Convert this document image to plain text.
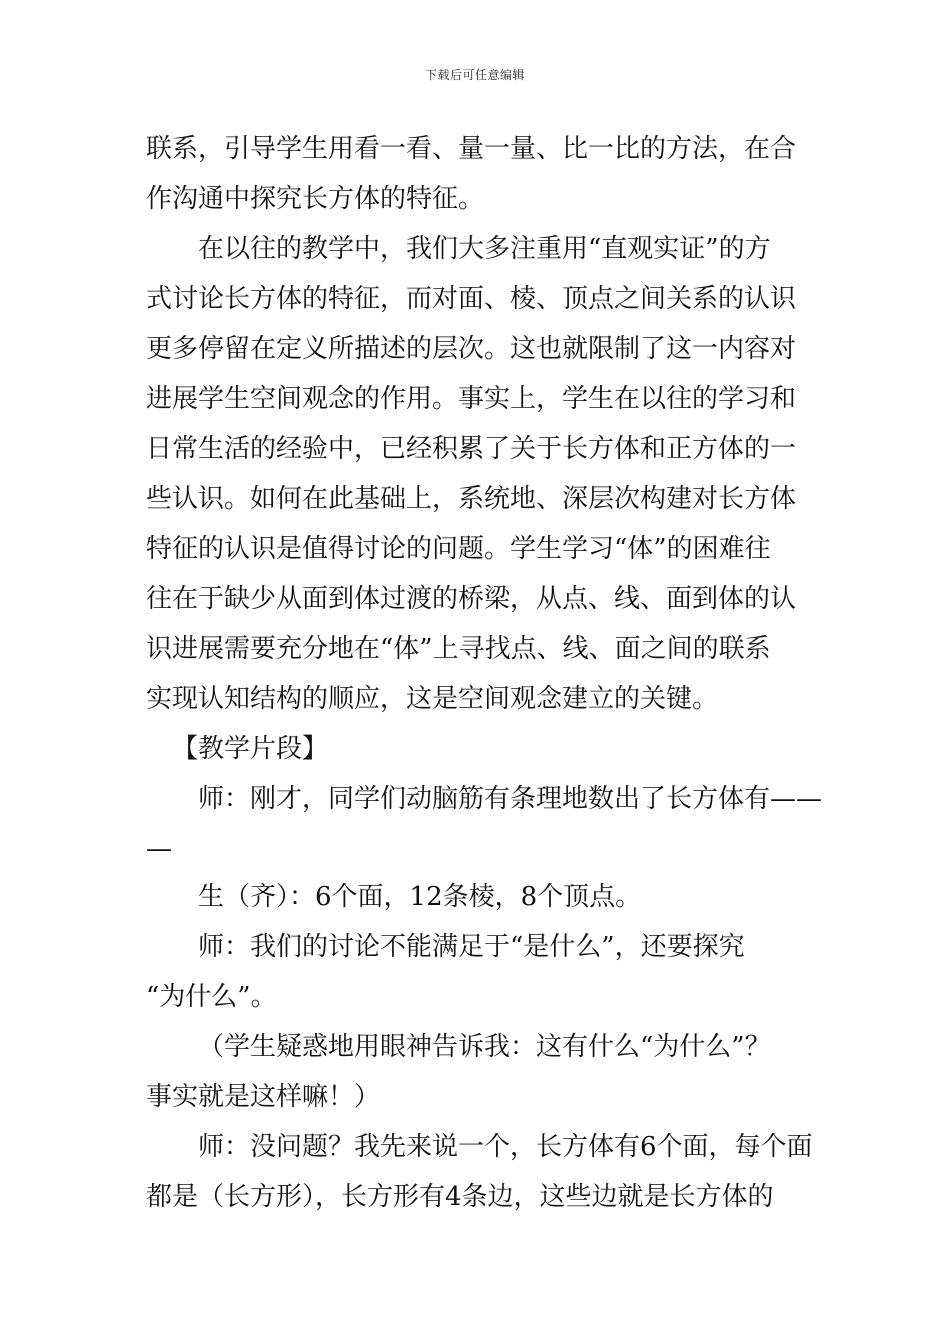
下载后可任意编辑
联系，引导学生用看一看、量一量、比一比的方法，在合
作沟通中探究长方体的特征。
在以往的教学中，我们大多注重用“直观实证”的方
式讨论长方体的特征，而对面、棱、顶点之间关系的认识
更多停留在定义所描述的层次。这也就限制了这一内容对
进展学生空间观念的作用。事实上，学生在以往的学习和
日常生活的经验中，已经积累了关于长方体和正方体的一
些认识。如何在此基础上，系统地、深层次构建对长方体
特征的认识是值得讨论的问题。学生学习“体”的困难往
往在于缺少从面到体过渡的桥梁，从点、线、面到体的认
识进展需要充分地在“体”上寻找点、线、面之间的联系
实现认知结构的顺应，这是空间观念建立的关键。
【教学片段】
师：刚才，同学们动脑筋有条理地数出了长方体有——
—
生（齐）：6个面，12条棱，8个顶点。
师：我们的讨论不能满足于“是什么”，还要探究
“为什么”。
（学生疑惑地用眼神告诉我：这有什么“为什么”？
事实就是这样嘛！）
师：没问题？我先来说一个，长方体有6个面，每个面
都是（长方形），长方形有4条边，这些边就是长方体的
